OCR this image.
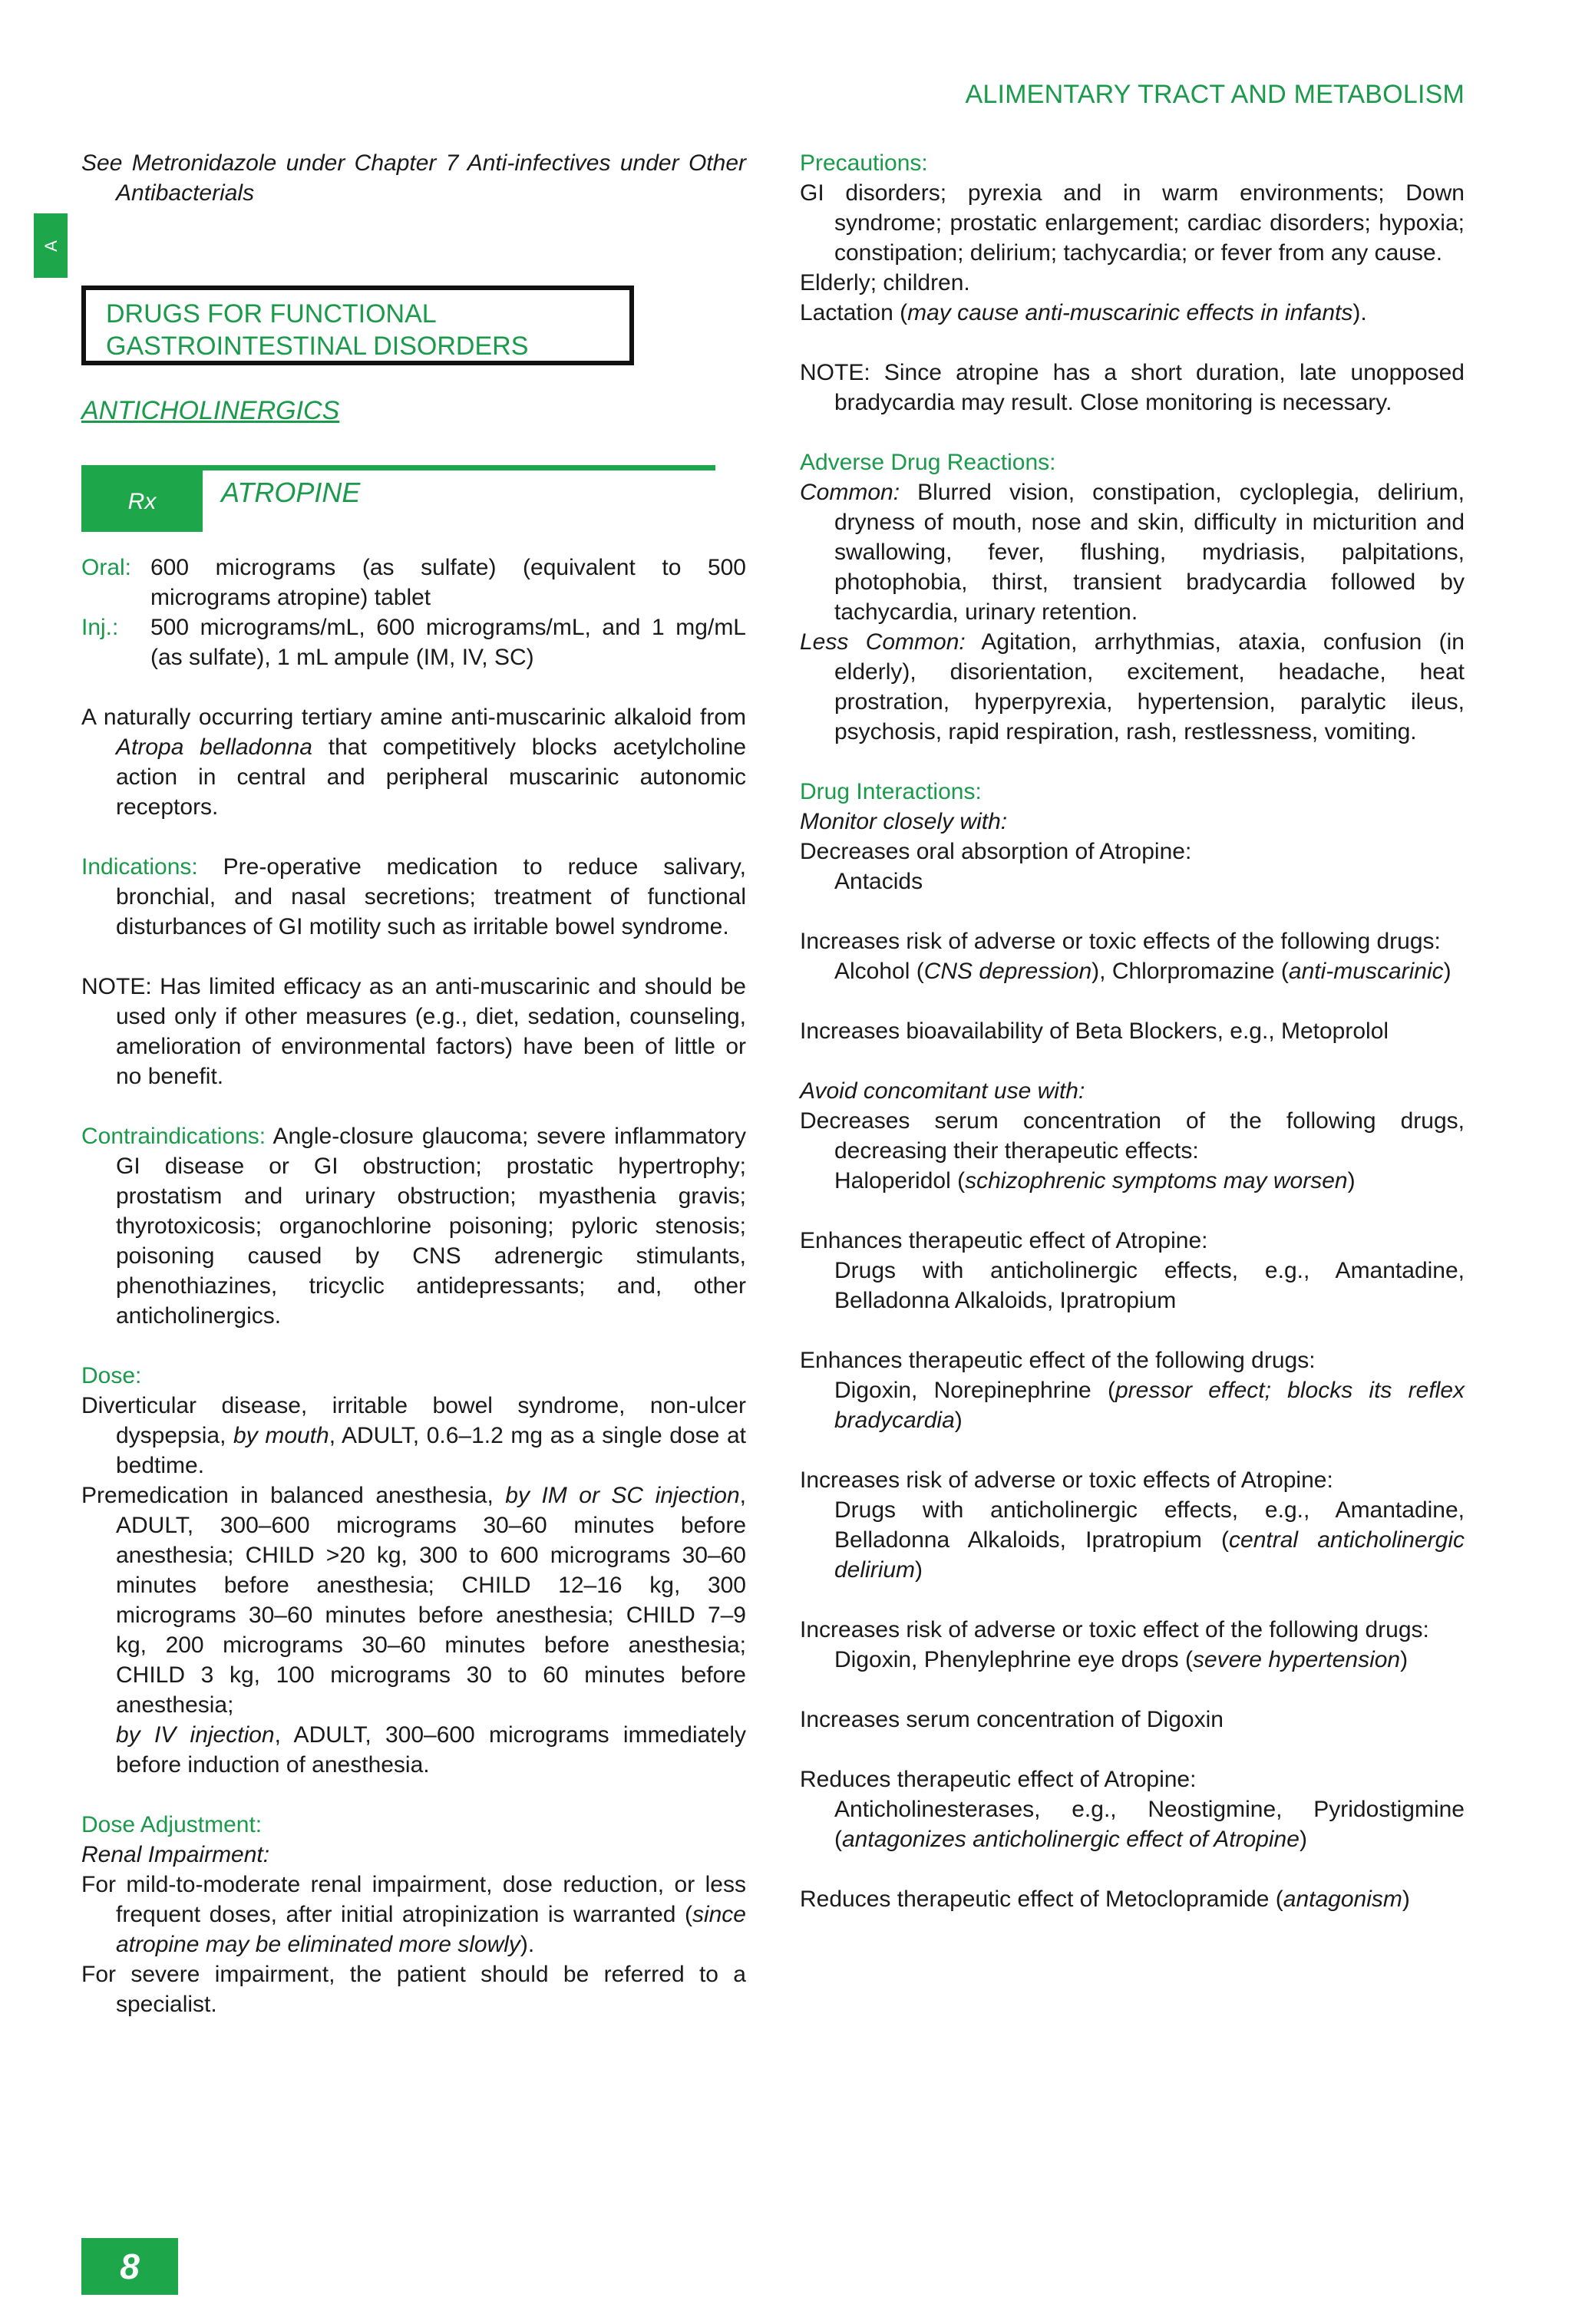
A
ALIMENTARY TRACT AND METABOLISM

See Metronidazole under Chapter 7 Anti-infectives under Other Antibacterials

DRUGS FOR FUNCTIONAL
GASTROINTESTINAL DISORDERS
ANTICHOLINERGICS
Rx	ATROPINE
Oral: 600 micrograms (as sulfate) (equivalent to 500 micrograms atropine) tablet
Inj.:	500 micrograms/mL, 600 micrograms/mL, and 1 mg/mL (as sulfate), 1 mL ampule (IM, IV, SC)

A naturally occurring tertiary amine anti-muscarinic alkaloid from Atropa belladonna that competitively blocks acetylcholine action in central and peripheral muscarinic autonomic receptors.

Indications: Pre-operative medication to reduce salivary, bronchial, and nasal secretions; treatment of functional disturbances of GI motility such as irritable bowel syndrome.

NOTE: Has limited efficacy as an anti-muscarinic and should be used only if other measures (e.g., diet, sedation, counseling, amelioration of environmental factors) have been of little or no benefit.

Contraindications: Angle-closure glaucoma; severe inflammatory GI disease or GI obstruction; prostatic hypertrophy; prostatism and urinary obstruction; myasthenia gravis; thyrotoxicosis; organochlorine poisoning; pyloric stenosis; poisoning caused by CNS adrenergic stimulants, phenothiazines, tricyclic antidepressants; and, other anticholinergics.

Dose:

Diverticular disease, irritable bowel syndrome, non-ulcer dyspepsia, by mouth, ADULT, 0.6–1.2 mg as a single dose at bedtime.

Premedication in balanced anesthesia, by IM or SC injection, ADULT, 300–600 micrograms 30–60 minutes before anesthesia; CHILD >20 kg, 300 to 600 micrograms 30–60 minutes before anesthesia; CHILD 12–16 kg, 300 micrograms 30–60 minutes before anesthesia; CHILD 7–9 kg, 200 micrograms 30–60 minutes before anesthesia; CHILD 3 kg, 100 micrograms 30 to 60 minutes before anesthesia;

by IV injection, ADULT, 300–600 micrograms immediately before induction of anesthesia.

Dose Adjustment:

Renal Impairment:

For mild-to-moderate renal impairment, dose reduction, or less frequent doses, after initial atropinization is warranted (since atropine may be eliminated more slowly).

For severe impairment, the patient should be referred to a specialist.

Precautions:

GI disorders; pyrexia and in warm environments; Down syndrome; prostatic enlargement; cardiac disorders; hypoxia; constipation; delirium; tachycardia; or fever from any cause.

Elderly; children.

Lactation (may cause anti-muscarinic effects in infants).

NOTE: Since atropine has a short duration, late unopposed bradycardia may result. Close monitoring is necessary.

Adverse Drug Reactions:

Common: Blurred vision, constipation, cycloplegia, delirium, dryness of mouth, nose and skin, difficulty in micturition and swallowing, fever, flushing, mydriasis, palpitations, photophobia, thirst, transient bradycardia followed by tachycardia, urinary retention.

Less Common: Agitation, arrhythmias, ataxia, confusion (in elderly), disorientation, excitement, headache, heat prostration, hyperpyrexia, hypertension, paralytic ileus, psychosis, rapid respiration, rash, restlessness, vomiting.

Drug Interactions:

Monitor closely with:

Decreases oral absorption of Atropine:

Antacids

Increases risk of adverse or toxic effects of the following drugs:

Alcohol (CNS depression), Chlorpromazine (anti-muscarinic)

Increases bioavailability of Beta Blockers, e.g., Metoprolol

Avoid concomitant use with:

Decreases serum concentration of the following drugs, decreasing their therapeutic effects:

Haloperidol (schizophrenic symptoms may worsen)

Enhances therapeutic effect of Atropine:

Drugs with anticholinergic effects, e.g., Amantadine, Belladonna Alkaloids, Ipratropium

Enhances therapeutic effect of the following drugs:

Digoxin, Norepinephrine (pressor effect; blocks its reflex bradycardia)

Increases risk of adverse or toxic effects of Atropine:

Drugs with anticholinergic effects, e.g., Amantadine, Belladonna Alkaloids, Ipratropium (central anticholinergic delirium)

Increases risk of adverse or toxic effect of the following drugs:

Digoxin, Phenylephrine eye drops (severe hypertension)

Increases serum concentration of Digoxin

Reduces therapeutic effect of Atropine:

Anticholinesterases, e.g., Neostigmine, Pyridostigmine (antagonizes anticholinergic effect of Atropine)

Reduces therapeutic effect of Metoclopramide (antagonism)

8
